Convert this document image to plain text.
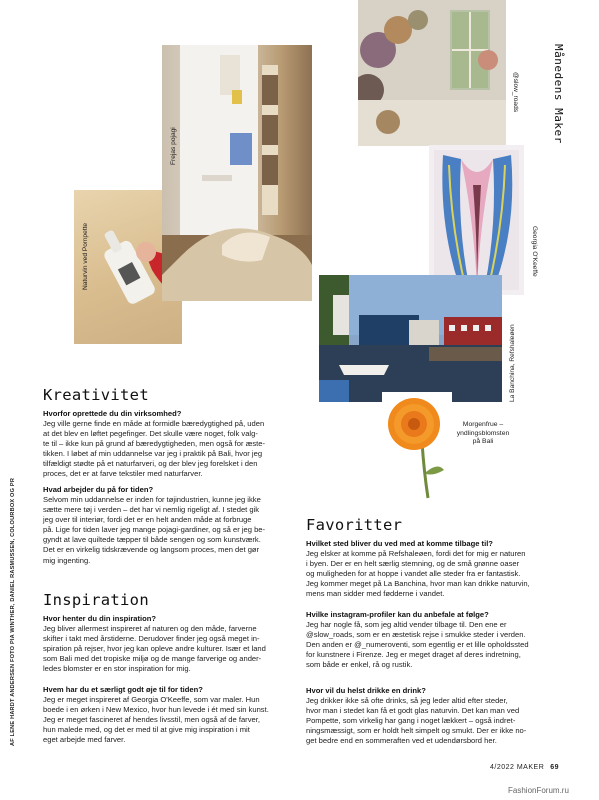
Naturvin ved Pompette
Frejas pojagi
@slow_roads	Månedens Maker
Georgia O'Keeffe
La Banchina, Refshaleøen
Morgenfrue –
yndlingsblomsten
på Bali
AF LENE HARDT ANDERSEN FOTO PIA WINTHER, DANIEL RASMUSSEN, COLOURBOX OG PR
Kreativitet
Hvorfor oprettede du din virksomhed?
Jeg ville gerne finde en måde at formidle bæredygtighed på, uden
at det blev en løftet pegefinger. Det skulle være noget, folk valg-
te til – ikke kun på grund af bæredygtigheden, men også for æste-
tikken. I løbet af min uddannelse var jeg i praktik på Bali, hvor jeg
tilfældigt stødte på et naturfarveri, og der blev jeg forelsket i den
proces, det er at farve tekstiler med naturfarver.
Hvad arbejder du på for tiden?
Selvom min uddannelse er inden for tøjindustrien, kunne jeg ikke
sætte mere tøj i verden – det har vi nemlig rigeligt af. I stedet gik
jeg over til interiør, fordi det er en helt anden måde at forbruge
på. Lige for tiden laver jeg mange pojagi-gardiner, og så er jeg be-
gyndt at lave quiltede tæpper til både sengen og som kunstværk.
Det er en virkelig tidskrævende og langsom proces, men det gør
mig ingenting.
Inspiration
Hvor henter du din inspiration?
Jeg bliver allermest inspireret af naturen og den måde, farverne
skifter i takt med årstiderne. Derudover finder jeg også meget in-
spiration på rejser, hvor jeg kan opleve andre kulturer. Især et land
som Bali med det tropiske miljø og de mange farverige og ander-
ledes blomster er en stor inspiration for mig.
Hvem har du et særligt godt øje til for tiden?
Jeg er meget inspireret af Georgia O'Keeffe, som var maler. Hun
boede i en ørken i New Mexico, hvor hun levede i ét med sin kunst.
Jeg er meget fascineret af hendes livsstil, men også af de farver,
hun malede med, og det er med til at give mig inspiration i mit
eget arbejde med farver.
Favoritter
Hvilket sted bliver du ved med at komme tilbage til?
Jeg elsker at komme på Refshaleøen, fordi det for mig er naturen
i byen. Der er en helt særlig stemning, og de små grønne oaser
og muligheden for at hoppe i vandet alle steder fra er fantastisk.
Jeg kommer meget på La Banchina, hvor man kan drikke naturvin,
mens man sidder med fødderne i vandet.
Hvilke instagram-profiler kan du anbefale at følge?
Jeg har nogle få, som jeg altid vender tilbage til. Den ene er
@slow_roads, som er en æstetisk rejse i smukke steder i verden.
Den anden er @_numeroventi, som egentlig er et lille opholdssted
for kunstnere i Firenze. Jeg er meget draget af deres indretning,
som både er enkel, rå og rustik.
Hvor vil du helst drikke en drink?
Jeg drikker ikke så ofte drinks, så jeg leder altid efter steder,
hvor man i stedet kan få et godt glas naturvin. Det kan man ved
Pompette, som virkelig har gang i noget lækkert – også indret-
ningsmæssigt, som er holdt helt simpelt og smukt. Der er ikke no-
get bedre end en sommeraften ved et udendørsbord her.
4/2022 MAKER 69
FashionForum.ru
